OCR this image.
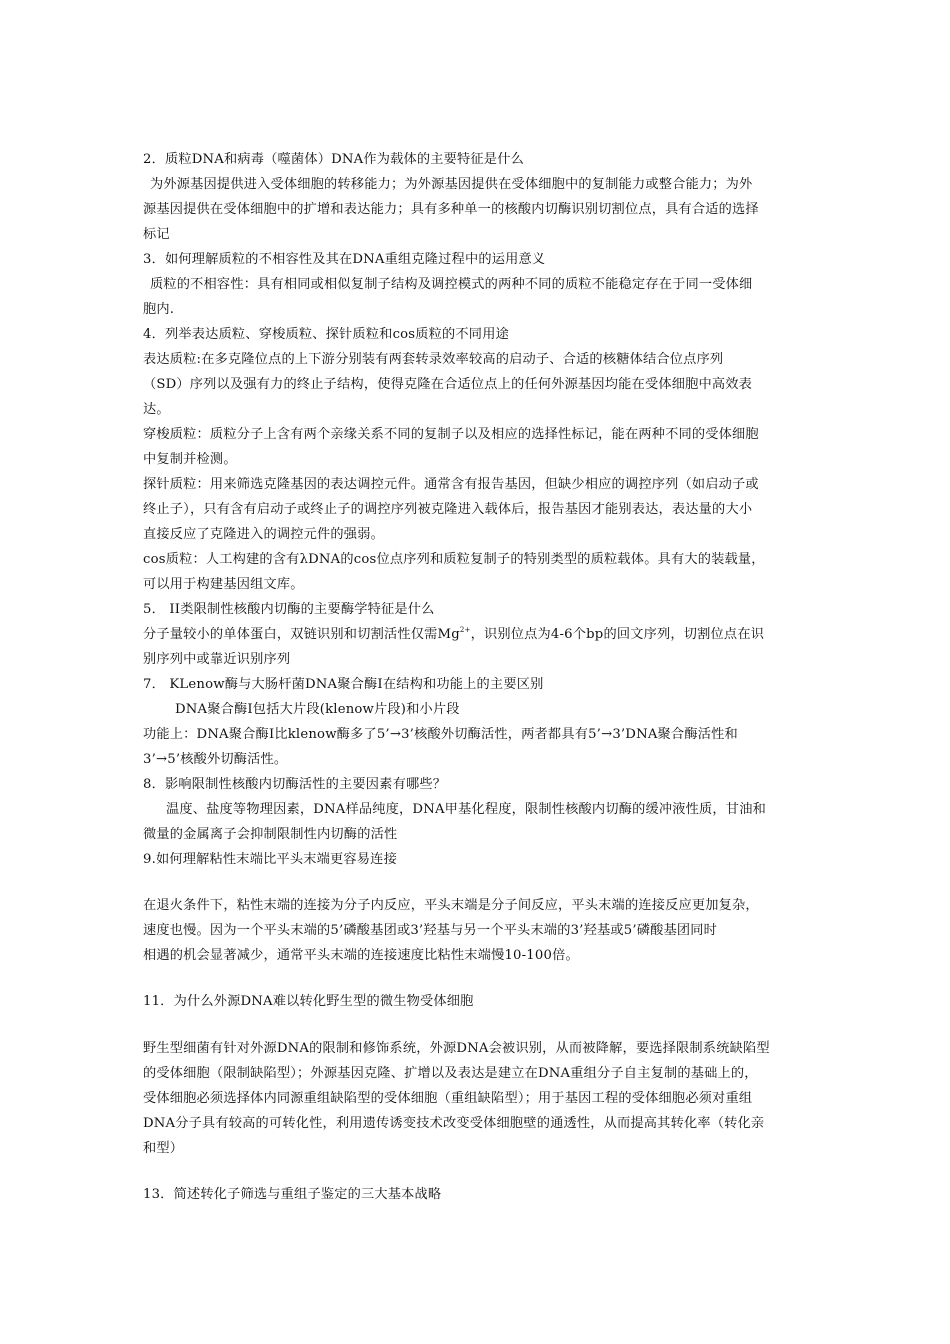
2．质粒DNA和病毒（噬菌体）DNA作为载体的主要特征是什么
为外源基因提供进入受体细胞的转移能力；为外源基因提供在受体细胞中的复制能力或整合能力；为外
源基因提供在受体细胞中的扩增和表达能力；具有多种单一的核酸内切酶识别切割位点，具有合适的选择
标记
3．如何理解质粒的不相容性及其在DNA重组克隆过程中的运用意义
质粒的不相容性：具有相同或相似复制子结构及调控模式的两种不同的质粒不能稳定存在于同一受体细
胞内.
4．列举表达质粒、穿梭质粒、探针质粒和cos质粒的不同用途
表达质粒:在多克隆位点的上下游分别装有两套转录效率较高的启动子、合适的核糖体结合位点序列
（SD）序列以及强有力的终止子结构，使得克隆在合适位点上的任何外源基因均能在受体细胞中高效表
达。
穿梭质粒：质粒分子上含有两个亲缘关系不同的复制子以及相应的选择性标记，能在两种不同的受体细胞
中复制并检测。
探针质粒：用来筛选克隆基因的表达调控元件。通常含有报告基因，但缺少相应的调控序列（如启动子或
终止子），只有含有启动子或终止子的调控序列被克隆进入载体后，报告基因才能别表达，表达量的大小
直接反应了克隆进入的调控元件的强弱。
cos质粒：人工构建的含有λDNA的cos位点序列和质粒复制子的特别类型的质粒载体。具有大的装载量，
可以用于构建基因组文库。
5． II类限制性核酸内切酶的主要酶学特征是什么
分子量较小的单体蛋白，双链识别和切割活性仅需$Mg^{2+}$，识别位点为4-6个bp的回文序列，切割位点在识
别序列中或靠近识别序列
7． KLenow酶与大肠杆菌DNA聚合酶I在结构和功能上的主要区别
DNA聚合酶I包括大片段(klenow片段)和小片段
功能上：DNA聚合酶I比klenow酶多了5’→3’核酸外切酶活性，两者都具有5’→3’DNA聚合酶活性和
3’→5’核酸外切酶活性。
8．影响限制性核酸内切酶活性的主要因素有哪些？
温度、盐度等物理因素，DNA样品纯度，DNA甲基化程度，限制性核酸内切酶的缓冲液性质，甘油和
微量的金属离子会抑制限制性内切酶的活性
9.如何理解粘性末端比平头末端更容易连接
在退火条件下，粘性末端的连接为分子内反应，平头末端是分子间反应，平头末端的连接反应更加复杂，
速度也慢。因为一个平头末端的5’磷酸基团或3’羟基与另一个平头末端的3’羟基或5’磷酸基团同时
相遇的机会显著减少，通常平头末端的连接速度比粘性末端慢10-100倍。
11．为什么外源DNA难以转化野生型的微生物受体细胞
野生型细菌有针对外源DNA的限制和修饰系统，外源DNA会被识别，从而被降解，要选择限制系统缺陷型
的受体细胞（限制缺陷型）；外源基因克隆、扩增以及表达是建立在DNA重组分子自主复制的基础上的，
受体细胞必须选择体内同源重组缺陷型的受体细胞（重组缺陷型）；用于基因工程的受体细胞必须对重组
DNA分子具有较高的可转化性，利用遗传诱变技术改变受体细胞壁的通透性，从而提高其转化率（转化亲
和型）
13．简述转化子筛选与重组子鉴定的三大基本战略
